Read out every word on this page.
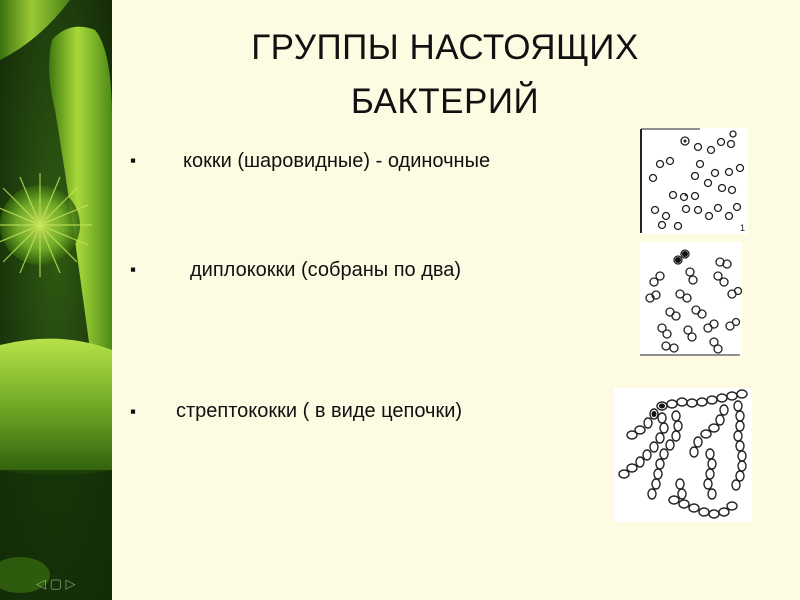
ГРУППЫ НАСТОЯЩИХ
БАКТЕРИЙ
▪ кокки (шаровидные) - одиночные
▪	диплококки (собраны по два)
▪ стрептококки ( в виде цепочки)
1
◁ ▢ ▷
